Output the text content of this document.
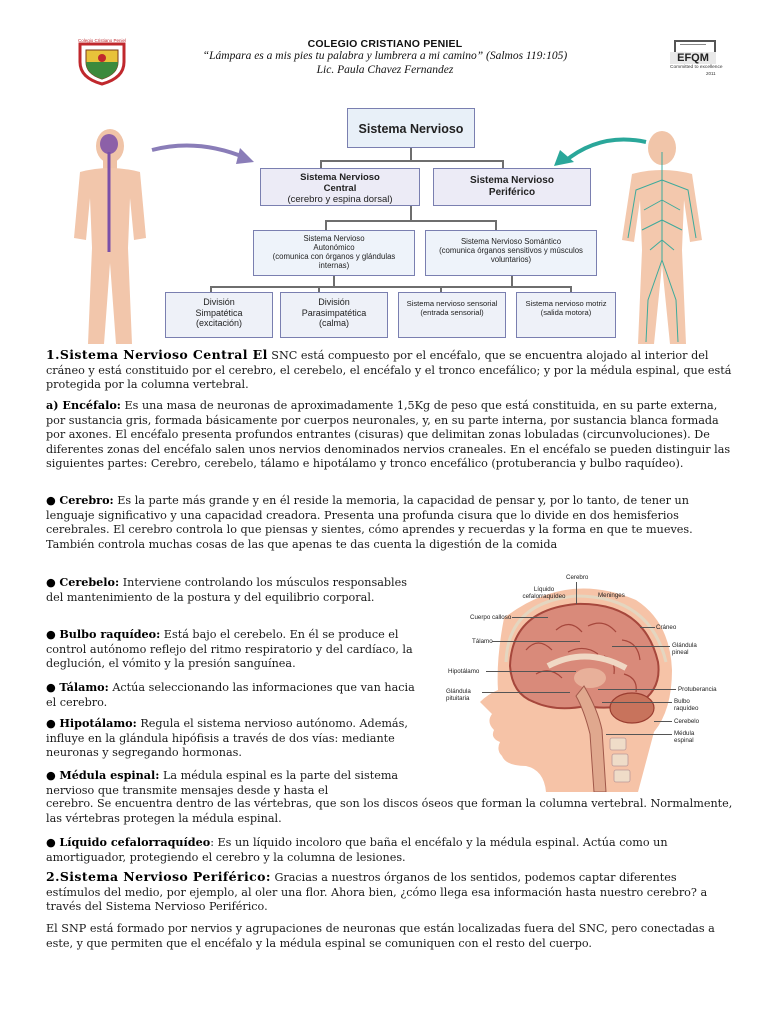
Colegio Cristiano Peniel	COLEGIO CRISTIANO PENIEL
“Lámpara es a mis pies tu palabra y lumbrera a mi camino” (Salmos 119:105)
Lic. Paula Chavez Fernandez
EFQM
Committed to excellence
2011
Sistema Nervioso
Sistema Nervioso Central
(cerebro y espina dorsal)
Sistema Nervioso Periférico
Sistema Nervioso Autonómico
(comunica con órganos y glándulas internas)
Sistema Nervioso Somántico
(comunica órganos sensitivos y músculos voluntarios)
División Simpatética
(excitación)
División Parasimpatética
(calma)
Sistema nervioso sensorial
(entrada sensorial)
Sistema nervioso motriz
(salida motora)
1.Sistema Nervioso Central El SNC está compuesto por el encéfalo, que se encuentra alojado al interior del cráneo y está constituido por el cerebro, el cerebelo, el encéfalo y el tronco encefálico; y por la médula espinal, que está protegida por la columna vertebral.
a) Encéfalo: Es una masa de neuronas de aproximadamente 1,5Kg de peso que está constituida, en su parte externa, por sustancia gris, formada básicamente por cuerpos neuronales, y, en su parte interna, por sustancia blanca formada por axones. El encéfalo presenta profundos entrantes (cisuras) que delimitan zonas lobuladas (circunvoluciones). De diferentes zonas del encéfalo salen unos nervios denominados nervios craneales. En el encéfalo se pueden distinguir las siguientes partes: Cerebro, cerebelo, tálamo e hipotálamo y tronco encefálico (protuberancia y bulbo raquídeo).
● Cerebro: Es la parte más grande y en él reside la memoria, la capacidad de pensar y, por lo tanto, de tener un lenguaje significativo y una capacidad creadora. Presenta una profunda cisura que lo divide en dos hemisferios cerebrales. El cerebro controla lo que piensas y sientes, cómo aprendes y recuerdas y la forma en que te mueves. También controla muchas cosas de las que apenas te das cuenta la digestión de la comida
● Cerebelo: Interviene controlando los músculos responsables del mantenimiento de la postura y del equilibrio corporal.
● Bulbo raquídeo: Está bajo el cerebelo. En él se produce el control autónomo reflejo del ritmo respiratorio y del cardíaco, la deglución, el vómito y la presión sanguínea.
● Tálamo: Actúa seleccionando las informaciones que van hacia el cerebro.
● Hipotálamo: Regula el sistema nervioso autónomo. Además, influye en la glándula hipófisis a través de dos vías: mediante neuronas y segregando hormonas.
● Médula espinal: La médula espinal es la parte del sistema nervioso que transmite mensajes desde y hasta el
cerebro. Se encuentra dentro de las vértebras, que son los discos óseos que forman la columna vertebral. Normalmente, las vértebras protegen la médula espinal.
● Líquido cefalorraquídeo: Es un líquido incoloro que baña el encéfalo y la médula espinal. Actúa como un amortiguador, protegiendo el cerebro y la columna de lesiones.
2.Sistema Nervioso Periférico: Gracias a nuestros órganos de los sentidos, podemos captar diferentes estímulos del medio, por ejemplo, al oler una flor. Ahora bien, ¿cómo llega esa información hasta nuestro cerebro? a través del Sistema Nervioso Periférico.
El SNP está formado por nervios y agrupaciones de neuronas que están localizadas fuera del SNC, pero conectadas a este, y que permiten que el encéfalo y la médula espinal se comuniquen con el resto del cuerpo.
Cerebro
Líquido cefalorraquídeo	Meninges
Cuerpo calloso
Cráneo
Tálamo
Glándula pineal
Hipotálamo
Protuberancia
Glándula pituitaria	Bulbo raquídeo
Cerebelo
Médula espinal
